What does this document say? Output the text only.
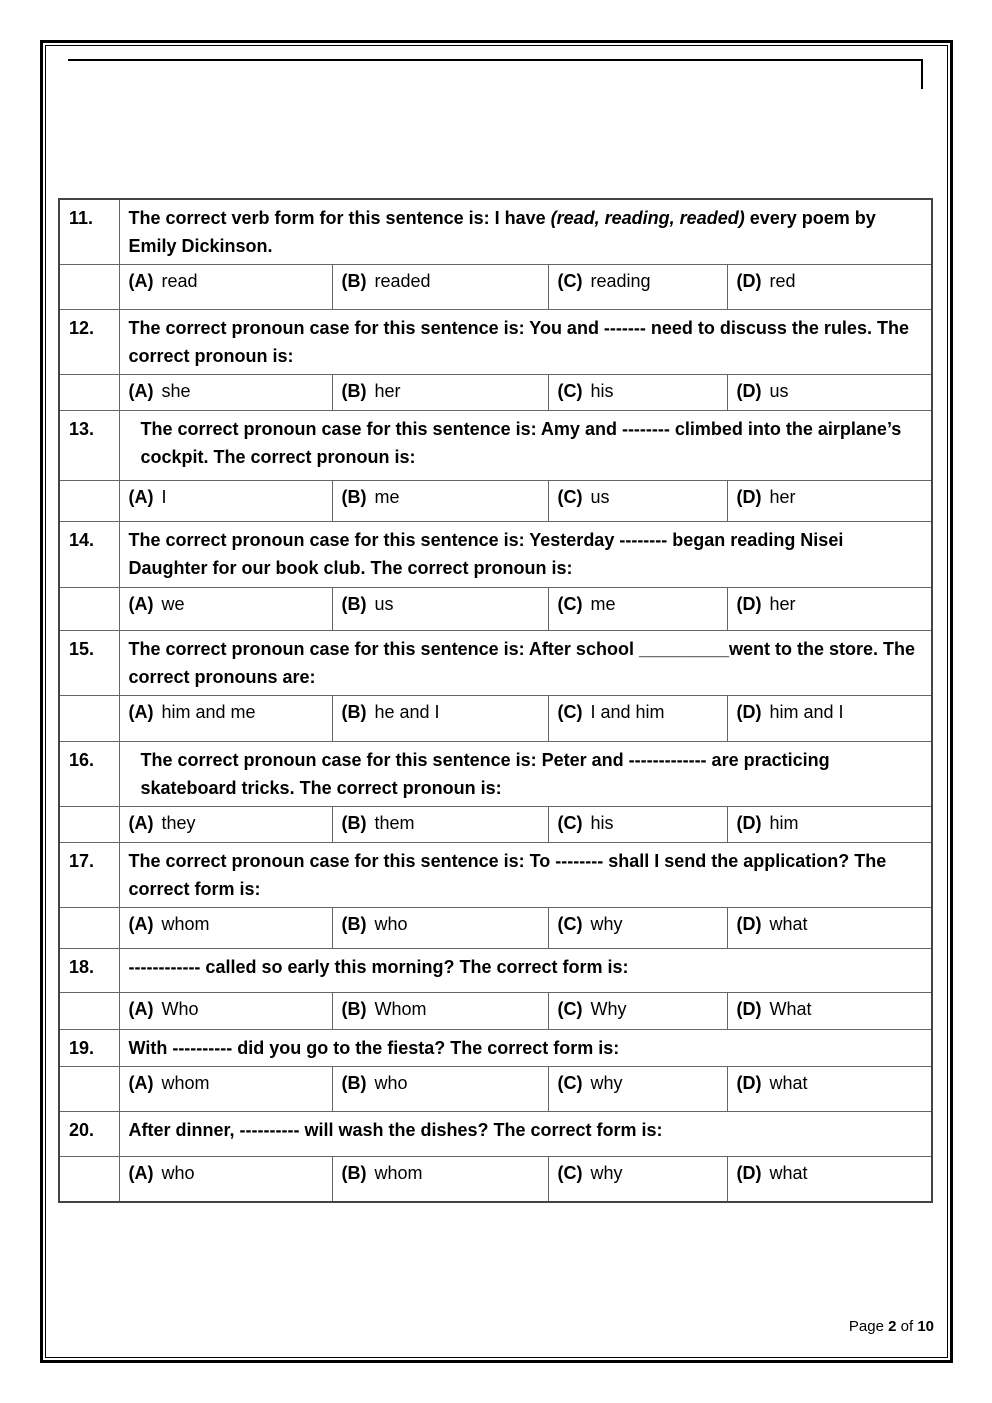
11.	The correct verb form for this sentence is: I have (read, reading, readed) every poem by Emily Dickinson.			
	(A) read	(B) readed	(C) reading	(D) red
12.	The correct pronoun case for this sentence is: You and ------- need to discuss the rules. The correct pronoun is:			
	(A) she	(B) her	(C) his	(D) us
13.	The correct pronoun case for this sentence is: Amy and -------- climbed into the airplane’s cockpit. The correct pronoun is:			
	(A) I	(B) me	(C) us	(D) her
14.	The correct pronoun case for this sentence is: Yesterday -------- began reading Nisei Daughter for our book club. The correct pronoun is:			
	(A) we	(B) us	(C) me	(D) her
15.	The correct pronoun case for this sentence is: After school _________went to the store. The correct pronouns are:			
	(A) him and me	(B) he and I	(C) I and him	(D) him and I
16.	The correct pronoun case for this sentence is: Peter and ------------- are practicing skateboard tricks. The correct pronoun is:			
	(A) they	(B) them	(C) his	(D) him
17.	The correct pronoun case for this sentence is: To -------- shall I send the application? The correct form is:			
	(A) whom	(B) who	(C) why	(D) what
18.	------------ called so early this morning? The correct form is:			
	(A) Who	(B) Whom	(C) Why	(D) What
19.	With ---------- did you go to the fiesta? The correct form is:			
	(A) whom	(B) who	(C) why	(D) what
20.	After dinner, ---------- will wash the dishes? The correct form is:			
	(A) who	(B) whom	(C) why	(D) what
Page 2 of 10
